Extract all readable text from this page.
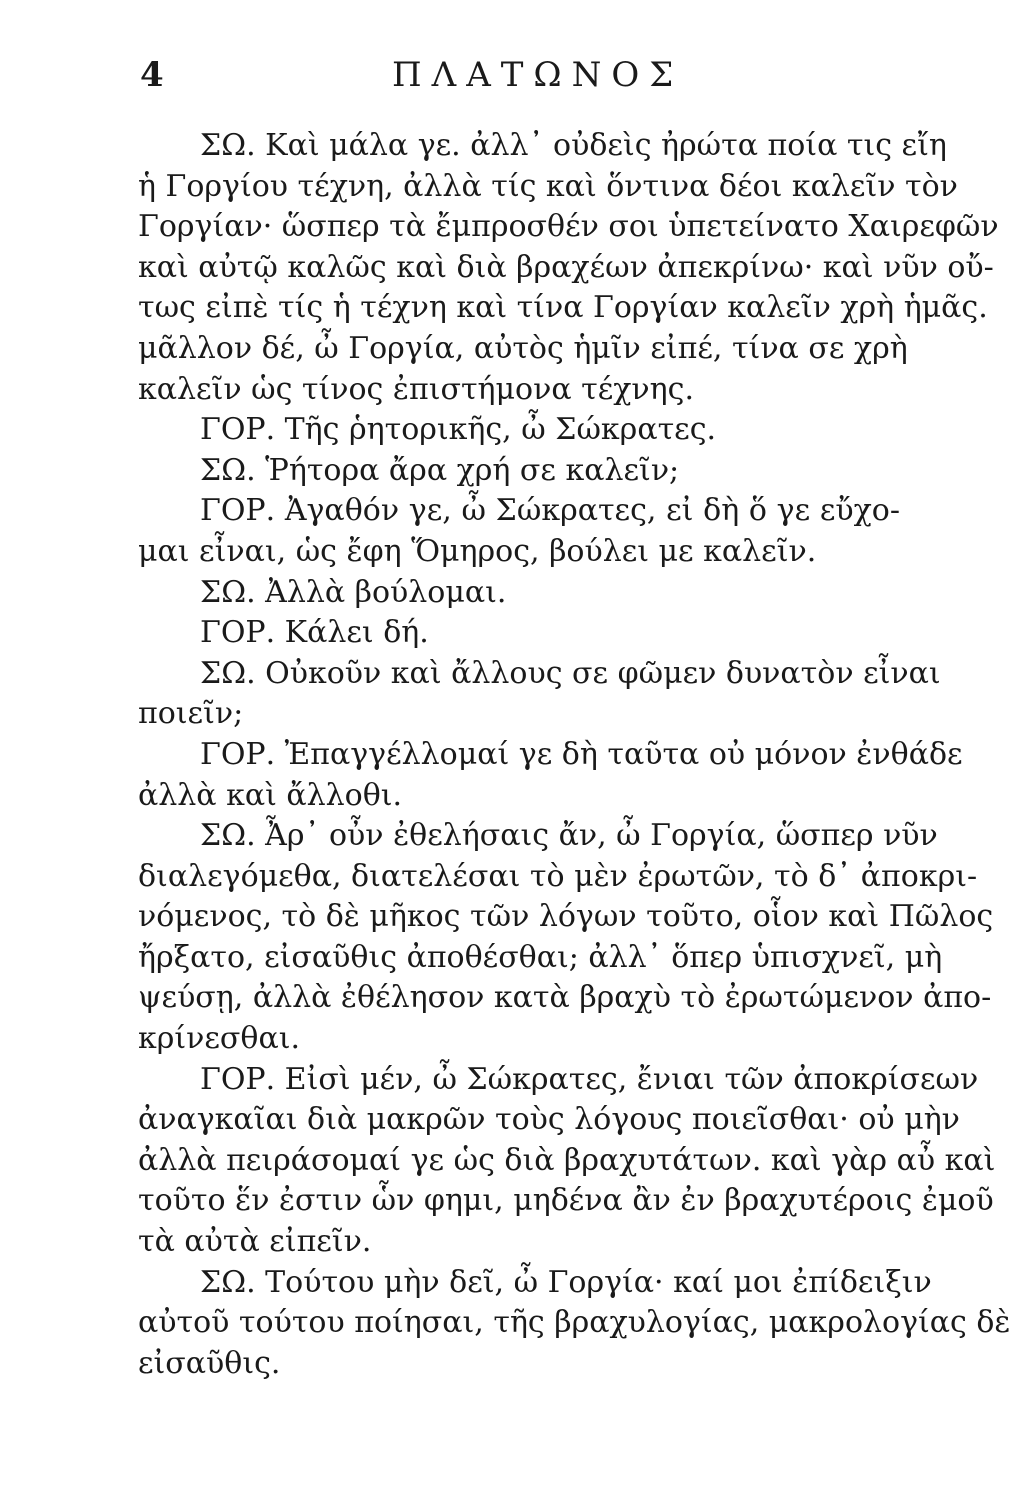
4	ΠΛΑΤΩΝΟΣ
ΣΩ. Καὶ μάλα γε. ἀλλ᾽ οὐδεὶς ἠρώτα ποία τις εἴη
ἡ Γοργίου τέχνη, ἀλλὰ τίς καὶ ὅντινα δέοι καλεῖν τὸν
Γοργίαν· ὥσπερ τὰ ἔμπροσθέν σοι ὑπετείνατο Χαιρεφῶν
καὶ αὐτῷ καλῶς καὶ διὰ βραχέων ἀπεκρίνω· καὶ νῦν οὔ-
τως εἰπὲ τίς ἡ τέχνη καὶ τίνα Γοργίαν καλεῖν χρὴ ἡμᾶς.
μᾶλλον δέ, ὦ Γοργία, αὐτὸς ἡμῖν εἰπέ, τίνα σε χρὴ
καλεῖν ὡς τίνος ἐπιστήμονα τέχνης.
ΓΟΡ. Τῆς ῥητορικῆς, ὦ Σώκρατες.
ΣΩ. Ῥήτορα ἄρα χρή σε καλεῖν;
ΓΟΡ. Ἀγαθόν γε, ὦ Σώκρατες, εἰ δὴ ὅ γε εὔχο-
μαι εἶναι, ὡς ἔφη Ὅμηρος, βούλει με καλεῖν.
ΣΩ. Ἀλλὰ βούλομαι.
ΓΟΡ. Κάλει δή.
ΣΩ. Οὐκοῦν καὶ ἄλλους σε φῶμεν δυνατὸν εἶναι
ποιεῖν;
ΓΟΡ. Ἐπαγγέλλομαί γε δὴ ταῦτα οὐ μόνον ἐνθάδε
ἀλλὰ καὶ ἄλλοθι.
ΣΩ. Ἆρ᾽ οὖν ἐθελήσαις ἄν, ὦ Γοργία, ὥσπερ νῦν
διαλεγόμεθα, διατελέσαι τὸ μὲν ἐρωτῶν, τὸ δ᾽ ἀποκρι-
νόμενος, τὸ δὲ μῆκος τῶν λόγων τοῦτο, οἷον καὶ Πῶλος
ἤρξατο, εἰσαῦθις ἀποθέσθαι; ἀλλ᾽ ὅπερ ὑπισχνεῖ, μὴ
ψεύσῃ, ἀλλὰ ἐθέλησον κατὰ βραχὺ τὸ ἐρωτώμενον ἀπο-
κρίνεσθαι.
ΓΟΡ. Εἰσὶ μέν, ὦ Σώκρατες, ἔνιαι τῶν ἀποκρίσεων
ἀναγκαῖαι διὰ μακρῶν τοὺς λόγους ποιεῖσθαι· οὐ μὴν
ἀλλὰ πειράσομαί γε ὡς διὰ βραχυτάτων. καὶ γὰρ αὖ καὶ
τοῦτο ἕν ἐστιν ὧν φημι, μηδένα ἂν ἐν βραχυτέροις ἐμοῦ
τὰ αὐτὰ εἰπεῖν.
ΣΩ. Τούτου μὴν δεῖ, ὦ Γοργία· καί μοι ἐπίδειξιν
αὐτοῦ τούτου ποίησαι, τῆς βραχυλογίας, μακρολογίας δὲ
εἰσαῦθις.
